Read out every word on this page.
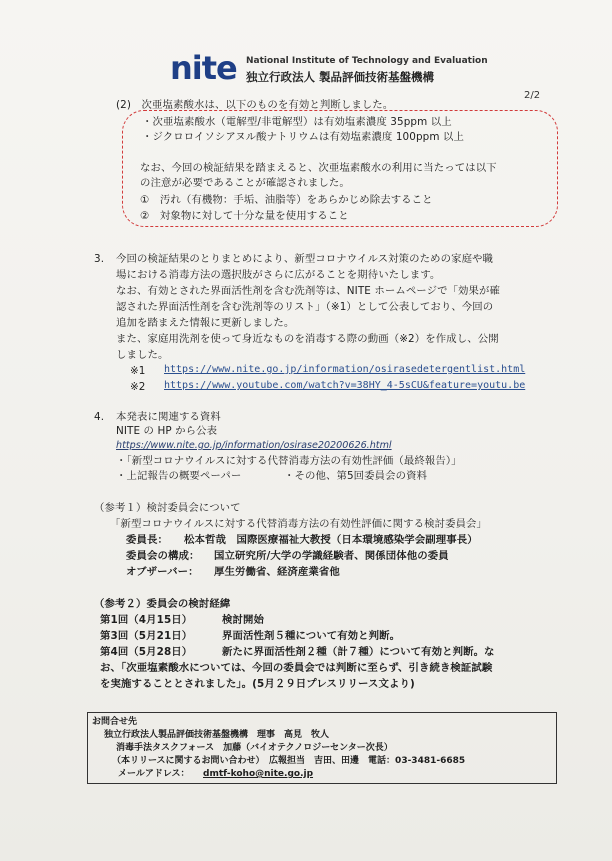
nite National Institute of Technology and Evaluation
独立行政法人 製品評価技術基盤機構
2/2
(2)　次亜塩素酸水は、以下のものを有効と判断しました。
・次亜塩素酸水（電解型/非電解型）は有効塩素濃度 35ppm 以上
・ジクロロイソシアヌル酸ナトリウムは有効塩素濃度 100ppm 以上
なお、今回の検証結果を踏まえると、次亜塩素酸水の利用に当たっては以下
の注意が必要であることが確認されました。
①　汚れ（有機物：手垢、油脂等）をあらかじめ除去すること
②　対象物に対して十分な量を使用すること
3. 今回の検証結果のとりまとめにより、新型コロナウイルス対策のための家庭や職
場における消毒方法の選択肢がさらに広がることを期待いたします。
なお、有効とされた界面活性剤を含む洗剤等は、NITE ホームページで「効果が確
認された界面活性剤を含む洗剤等のリスト」（※1）として公表しており、今回の
追加を踏まえた情報に更新しました。
また、家庭用洗剤を使って身近なものを消毒する際の動画（※2）を作成し、公開
しました。
※1 https://www.nite.go.jp/information/osirasedetergentlist.html
※2 https://www.youtube.com/watch?v=38HY_4-5sCU&feature=youtu.be
4. 本発表に関連する資料
NITE の HP から公表
https://www.nite.go.jp/information/osirase20200626.html
・「新型コロナウイルスに対する代替消毒方法の有効性評価（最終報告）」
・上記報告の概要ペーパー	・その他、第5回委員会の資料
（参考１）検討委員会について
「新型コロナウイルスに対する代替消毒方法の有効性評価に関する検討委員会」
委員長： 松本哲哉　国際医療福祉大教授（日本環境感染学会副理事長）
委員会の構成： 国立研究所/大学の学識経験者、関係団体他の委員
オブザーバー： 厚生労働省、経済産業省他
（参考２）委員会の検討経緯
第1回（4月15日）	検討開始
第3回（5月21日）	界面活性剤５種について有効と判断。
第4回（5月28日）	新たに界面活性剤２種（計７種）について有効と判断。な
お、「次亜塩素酸水については、今回の委員会では判断に至らず、引き続き検証試験
を実施することとされました」。(5月２９日プレスリリース文より)
お問合せ先
独立行政法人製品評価技術基盤機構　理事　高見　牧人
消毒手法タスクフォース　加藤（バイオテクノロジーセンター次長）
（本リリースに関するお問い合わせ）　広報担当　吉田、田邊　電話：03-3481-6685
メールアドレス： dmtf-koho@nite.go.jp
